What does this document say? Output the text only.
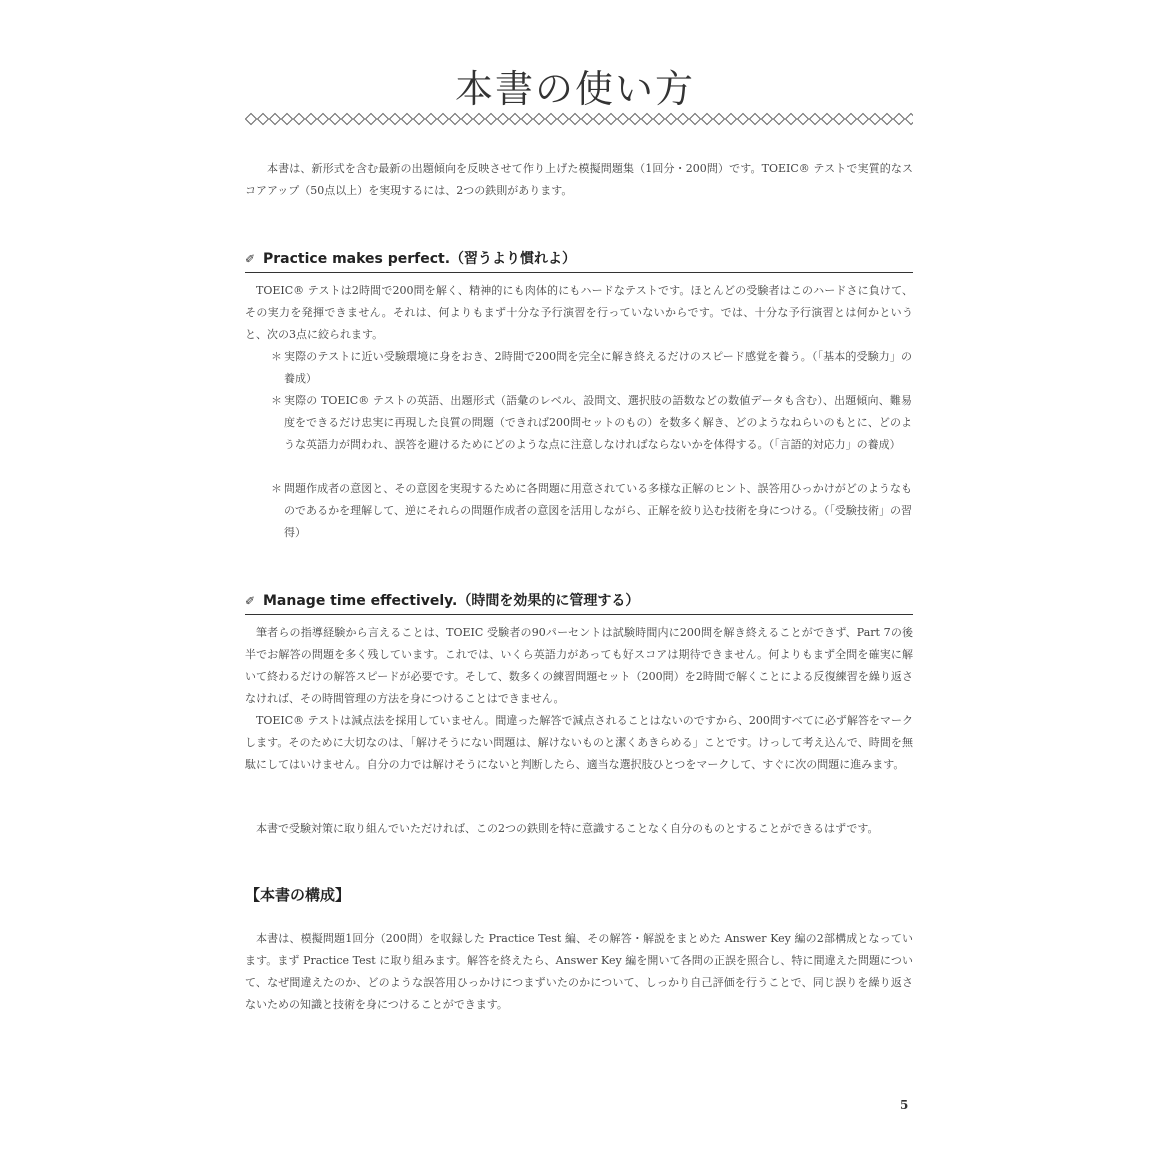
本書の使い方

本書は、新形式を含む最新の出題傾向を反映させて作り上げた模擬問題集（1回分・200問）です。TOEIC® テストで実質的なスコアアップ（50点以上）を実現するには、2つの鉄則があります。

✐ Practice makes perfect.（習うより慣れよ）

TOEIC® テストは2時間で200問を解く、精神的にも肉体的にもハードなテストです。ほとんどの受験者はこのハードさに負けて、その実力を発揮できません。それは、何よりもまず十分な予行演習を行っていないからです。では、十分な予行演習とは何かというと、次の3点に絞られます。

＊ 実際のテストに近い受験環境に身をおき、2時間で200問を完全に解き終えるだけのスピード感覚を養う。（「基本的受験力」の養成）
＊ 実際の TOEIC® テストの英語、出題形式（語彙のレベル、設問文、選択肢の語数などの数値データも含む）、出題傾向、難易度をできるだけ忠実に再現した良質の問題（できれば200問セットのもの）を数多く解き、どのようなねらいのもとに、どのような英語力が問われ、誤答を避けるためにどのような点に注意しなければならないかを体得する。（「言語的対応力」の養成）
＊ 問題作成者の意図と、その意図を実現するために各問題に用意されている多様な正解のヒント、誤答用ひっかけがどのようなものであるかを理解して、逆にそれらの問題作成者の意図を活用しながら、正解を絞り込む技術を身につける。（「受験技術」の習得）
✐ Manage time effectively.（時間を効果的に管理する）

筆者らの指導経験から言えることは、TOEIC 受験者の90パーセントは試験時間内に200問を解き終えることができず、Part 7の後半でお解答の問題を多く残しています。これでは、いくら英語力があっても好スコアは期待できません。何よりもまず全問を確実に解いて終わるだけの解答スピードが必要です。そして、数多くの練習問題セット（200問）を2時間で解くことによる反復練習を繰り返さなければ、その時間管理の方法を身につけることはできません。

TOEIC® テストは減点法を採用していません。間違った解答で減点されることはないのですから、200問すべてに必ず解答をマークします。そのために大切なのは、「解けそうにない問題は、解けないものと潔くあきらめる」ことです。けっして考え込んで、時間を無駄にしてはいけません。自分の力では解けそうにないと判断したら、適当な選択肢ひとつをマークして、すぐに次の問題に進みます。

本書で受験対策に取り組んでいただければ、この2つの鉄則を特に意識することなく自分のものとすることができるはずです。

【本書の構成】

本書は、模擬問題1回分（200問）を収録した Practice Test 編、その解答・解説をまとめた Answer Key 編の2部構成となっています。まず Practice Test に取り組みます。解答を終えたら、Answer Key 編を開いて各問の正誤を照合し、特に間違えた問題について、なぜ間違えたのか、どのような誤答用ひっかけにつまずいたのかについて、しっかり自己評価を行うことで、同じ誤りを繰り返さないための知識と技術を身につけることができます。

5
